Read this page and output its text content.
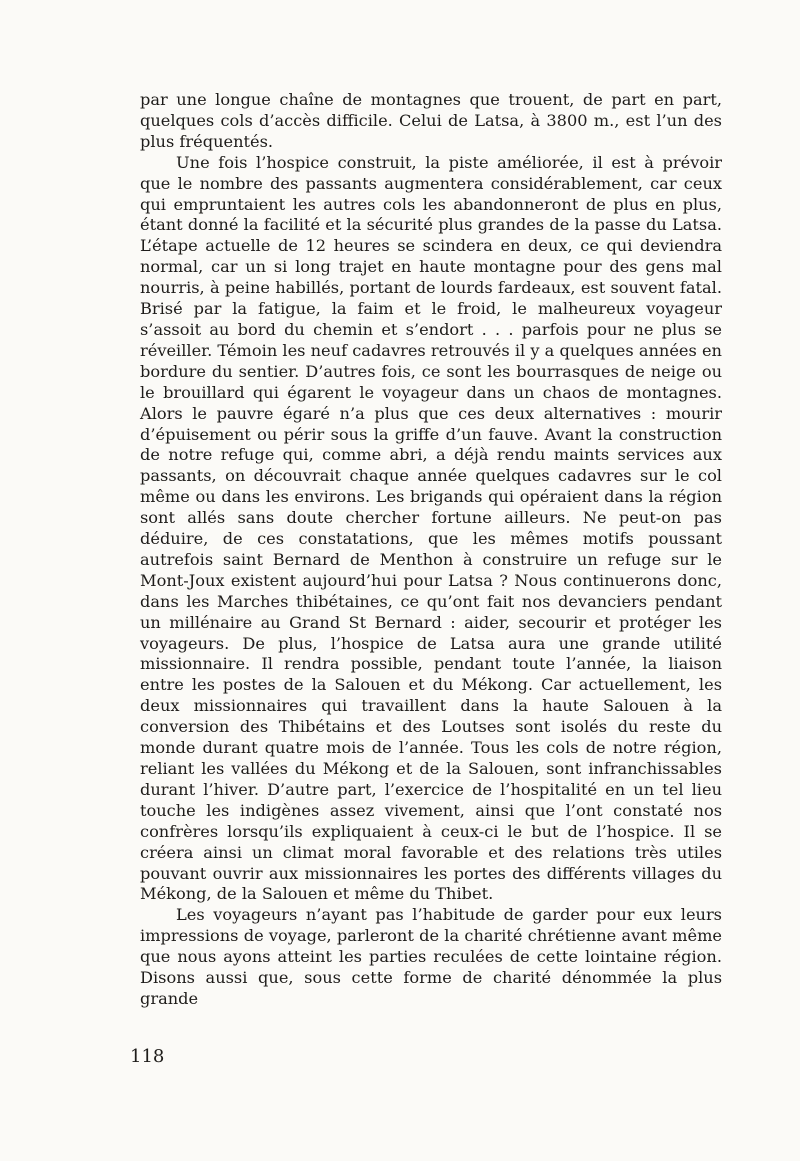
par une longue chaîne de montagnes que trouent, de part en part, quelques cols d’accès difficile. Celui de Latsa, à 3800 m., est l’un des plus fréquentés.

Une fois l’hospice construit, la piste améliorée, il est à prévoir que le nombre des passants augmentera considérablement, car ceux qui empruntaient les autres cols les abandonneront de plus en plus, étant donné la facilité et la sécurité plus grandes de la passe du Latsa. L’étape actuelle de 12 heures se scindera en deux, ce qui deviendra normal, car un si long trajet en haute montagne pour des gens mal nourris, à peine habillés, portant de lourds fardeaux, est souvent fatal. Brisé par la fatigue, la faim et le froid, le malheureux voyageur s’assoit au bord du chemin et s’endort . . . parfois pour ne plus se réveiller. Témoin les neuf cadavres retrouvés il y a quelques années en bordure du sentier. D’autres fois, ce sont les bourrasques de neige ou le brouillard qui égarent le voyageur dans un chaos de montagnes. Alors le pauvre égaré n’a plus que ces deux alternatives : mourir d’épuisement ou périr sous la griffe d’un fauve. Avant la construction de notre refuge qui, comme abri, a déjà rendu maints services aux passants, on découvrait chaque année quelques cadavres sur le col même ou dans les environs. Les brigands qui opéraient dans la région sont allés sans doute chercher fortune ailleurs. Ne peut-on pas déduire, de ces constatations, que les mêmes motifs poussant autrefois saint Bernard de Menthon à construire un refuge sur le Mont-Joux existent aujourd’hui pour Latsa ? Nous continuerons donc, dans les Marches thibétaines, ce qu’ont fait nos devanciers pendant un millénaire au Grand St Bernard : aider, secourir et protéger les voyageurs. De plus, l’hospice de Latsa aura une grande utilité missionnaire. Il rendra possible, pendant toute l’année, la liaison entre les postes de la Salouen et du Mékong. Car actuellement, les deux missionnaires qui travaillent dans la haute Salouen à la conversion des Thibétains et des Loutses sont isolés du reste du monde durant quatre mois de l’année. Tous les cols de notre région, reliant les vallées du Mékong et de la Salouen, sont infranchissables durant l’hiver. D’autre part, l’exercice de l’hospitalité en un tel lieu touche les indigènes assez vivement, ainsi que l’ont constaté nos confrères lorsqu’ils expliquaient à ceux-ci le but de l’hospice. Il se créera ainsi un climat moral favorable et des relations très utiles pouvant ouvrir aux missionnaires les portes des différents villages du Mékong, de la Salouen et même du Thibet.

Les voyageurs n’ayant pas l’habitude de garder pour eux leurs impressions de voyage, parleront de la charité chrétienne avant même que nous ayons atteint les parties reculées de cette lointaine région. Disons aussi que, sous cette forme de charité dénommée la plus grande

118
